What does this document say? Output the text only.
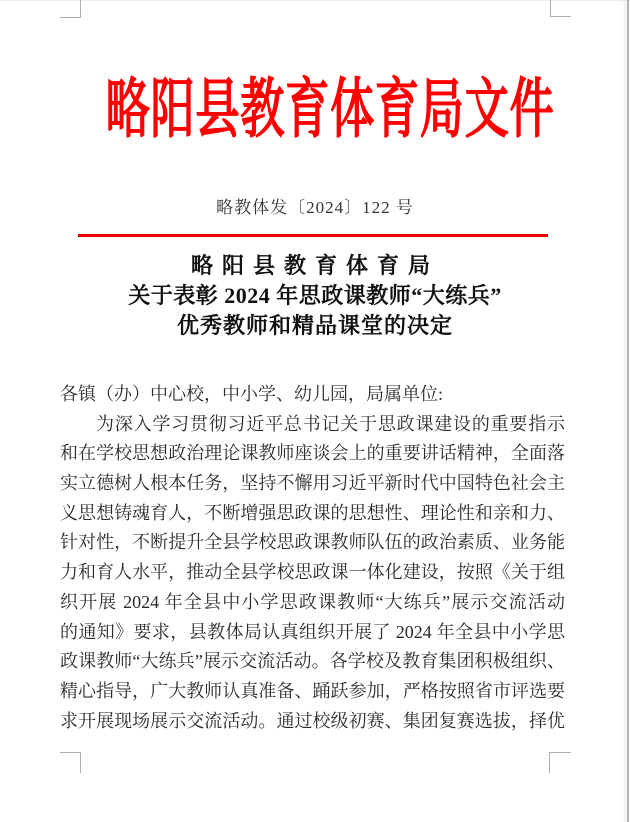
略阳县教育体育局文件
略教体发〔2024〕122 号
略阳县教育体育局
关于表彰 2024 年思政课教师“大练兵”
优秀教师和精品课堂的决定
各镇（办）中心校，中小学、幼儿园，局属单位:
为深入学习贯彻习近平总书记关于思政课建设的重要指示
和在学校思想政治理论课教师座谈会上的重要讲话精神，全面落
实立德树人根本任务，坚持不懈用习近平新时代中国特色社会主
义思想铸魂育人，不断增强思政课的思想性、理论性和亲和力、
针对性，不断提升全县学校思政课教师队伍的政治素质、业务能
力和育人水平，推动全县学校思政课一体化建设，按照《关于组
织开展 2024 年全县中小学思政课教师“大练兵”展示交流活动
的通知》要求，县教体局认真组织开展了 2024 年全县中小学思
政课教师“大练兵”展示交流活动。各学校及教育集团积极组织、
精心指导，广大教师认真准备、踊跃参加，严格按照省市评选要
求开展现场展示交流活动。通过校级初赛、集团复赛选拔，择优
